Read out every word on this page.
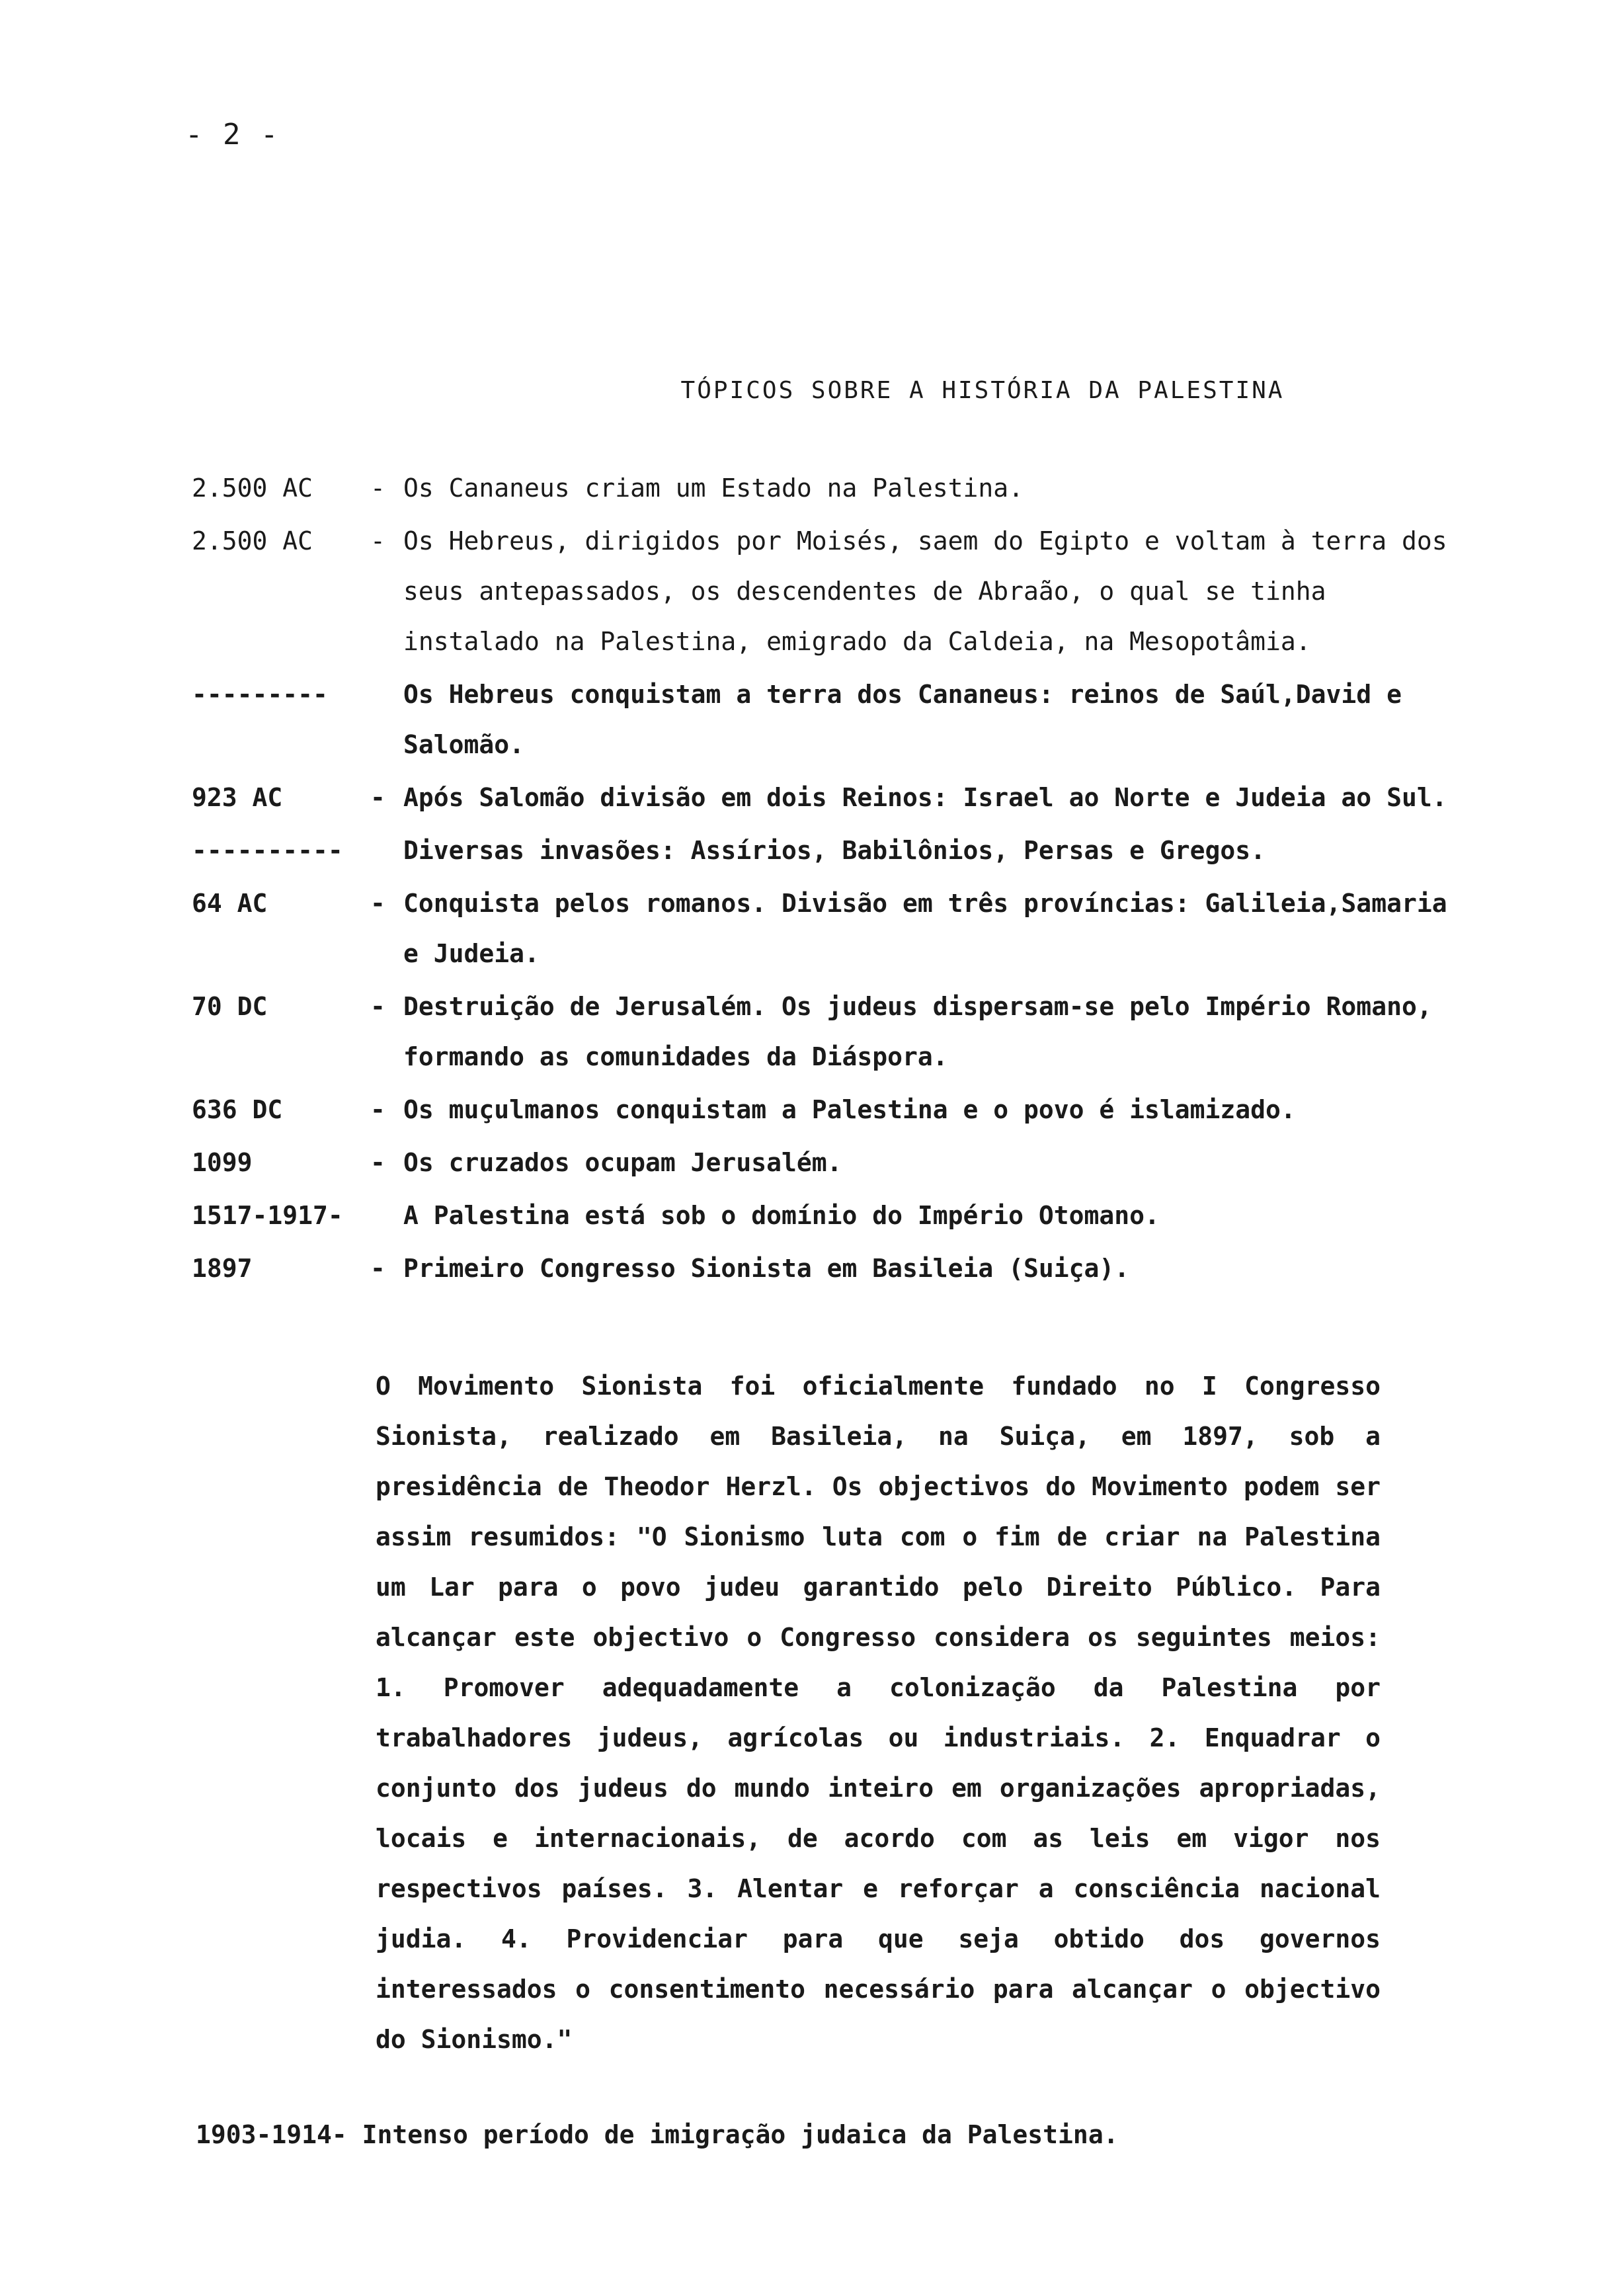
- 2 -
TÓPICOS SOBRE A HISTÓRIA DA PALESTINA
2.500 AC	- Os Cananeus criam um Estado na Palestina.
2.500 AC	- Os Hebreus, dirigidos por Moisés, saem do Egipto e voltam à terra dos seus antepassados, os descendentes de Abraão, o qual se tinha instalado na Palestina, emigrado da Caldeia, na Mesopotâmia.
---------	Os Hebreus conquistam a terra dos Cananeus: reinos de Saúl,David e Salomão.
923 AC	- Após Salomão divisão em dois Reinos: Israel ao Norte e Judeia ao Sul.
----------	Diversas invasões: Assírios, Babilônios, Persas e Gregos.
64 AC	- Conquista pelos romanos. Divisão em três províncias: Galileia,Samaria e Judeia.
70 DC	- Destruição de Jerusalém. Os judeus dispersam-se pelo Império Romano, formando as comunidades da Diáspora.
636 DC	- Os muçulmanos conquistam a Palestina e o povo é islamizado.
1099	- Os cruzados ocupam Jerusalém.
1517-1917-	A Palestina está sob o domínio do Império Otomano.
1897	- Primeiro Congresso Sionista em Basileia (Suiça).
O Movimento Sionista foi oficialmente fundado no I Congresso Sionista, realizado em Basileia, na Suiça, em 1897, sob a presidência de Theodor Herzl. Os objectivos do Movimento podem ser assim resumidos: "O Sionismo luta com o fim de criar na Palestina um Lar para o povo judeu garantido pelo Direito Público. Para alcançar este objectivo o Congresso considera os seguintes meios: 1. Promover adequadamente a colonização da Palestina por trabalhadores judeus, agrícolas ou industriais. 2. Enquadrar o conjunto dos judeus do mundo inteiro em organizações apropriadas, locais e internacionais, de acordo com as leis em vigor nos respectivos países. 3. Alentar e reforçar a consciência nacional judia. 4. Providenciar para que seja obtido dos governos interessados o consentimento necessário para alcançar o objectivo do Sionismo."
1903-1914- Intenso período de imigração judaica da Palestina.
